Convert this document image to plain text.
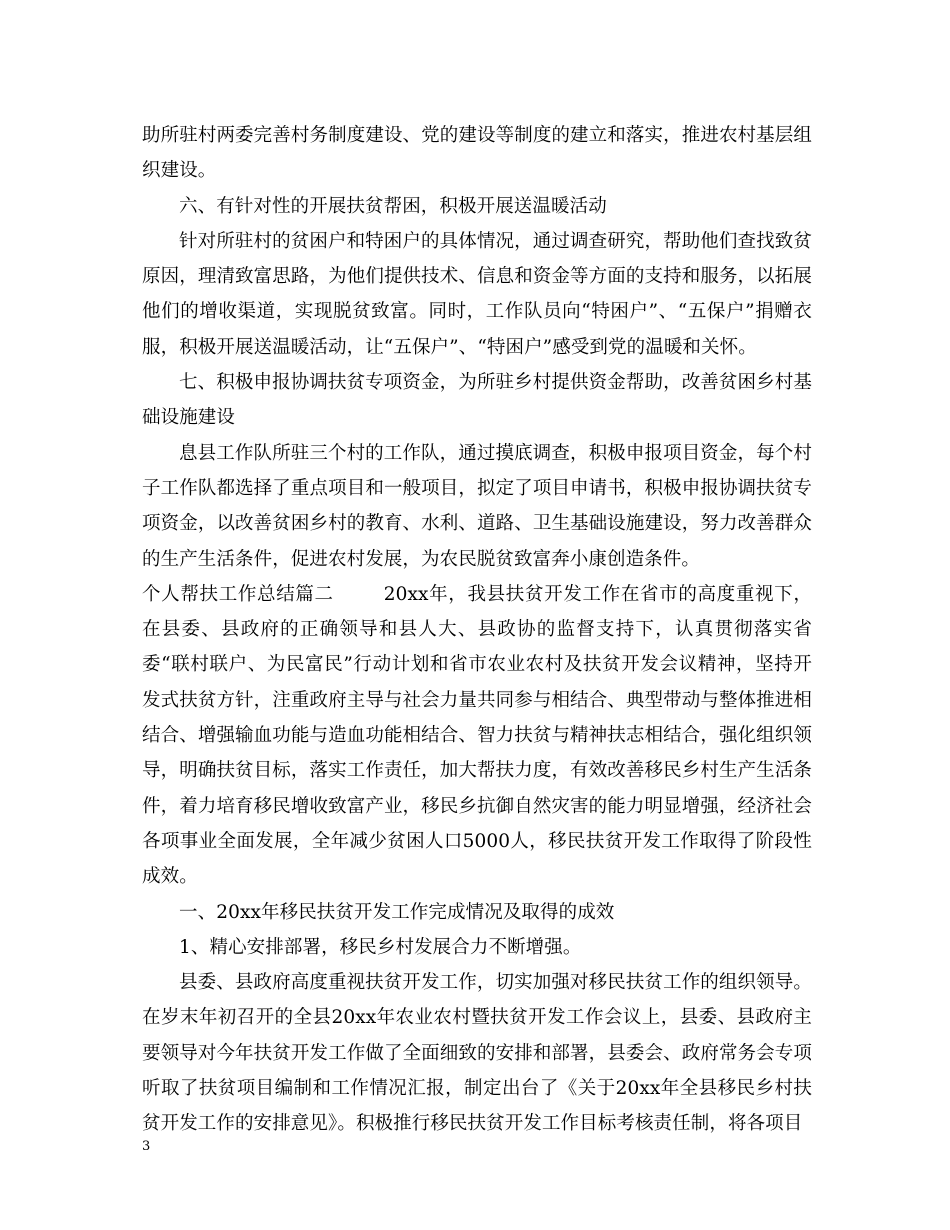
助所驻村两委完善村务制度建设、党的建设等制度的建立和落实，推进农村基层组织建设。

六、有针对性的开展扶贫帮困，积极开展送温暖活动

针对所驻村的贫困户和特困户的具体情况，通过调查研究，帮助他们查找致贫原因，理清致富思路，为他们提供技术、信息和资金等方面的支持和服务，以拓展他们的增收渠道，实现脱贫致富。同时，工作队员向“特困户”、“五保户”捐赠衣服，积极开展送温暖活动，让“五保户”、“特困户”感受到党的温暖和关怀。

七、积极申报协调扶贫专项资金，为所驻乡村提供资金帮助，改善贫困乡村基础设施建设

息县工作队所驻三个村的工作队，通过摸底调查，积极申报项目资金，每个村子工作队都选择了重点项目和一般项目，拟定了项目申请书，积极申报协调扶贫专项资金，以改善贫困乡村的教育、水利、道路、卫生基础设施建设，努力改善群众的生产生活条件，促进农村发展，为农民脱贫致富奔小康创造条件。

个人帮扶工作总结篇二	20xx年，我县扶贫开发工作在省市的高度重视下，在县委、县政府的正确领导和县人大、县政协的监督支持下，认真贯彻落实省委“联村联户、为民富民”行动计划和省市农业农村及扶贫开发会议精神，坚持开发式扶贫方针，注重政府主导与社会力量共同参与相结合、典型带动与整体推进相结合、增强输血功能与造血功能相结合、智力扶贫与精神扶志相结合，强化组织领导，明确扶贫目标，落实工作责任，加大帮扶力度，有效改善移民乡村生产生活条件，着力培育移民增收致富产业，移民乡抗御自然灾害的能力明显增强，经济社会各项事业全面发展，全年减少贫困人口5000人，移民扶贫开发工作取得了阶段性成效。

一、20xx年移民扶贫开发工作完成情况及取得的成效

1、精心安排部署，移民乡村发展合力不断增强。

县委、县政府高度重视扶贫开发工作，切实加强对移民扶贫工作的组织领导。在岁末年初召开的全县20xx年农业农村暨扶贫开发工作会议上，县委、县政府主要领导对今年扶贫开发工作做了全面细致的安排和部署，县委会、政府常务会专项听取了扶贫项目编制和工作情况汇报，制定出台了《关于20xx年全县移民乡村扶贫开发工作的安排意见》。积极推行移民扶贫开发工作目标考核责任制，将各项目

3
